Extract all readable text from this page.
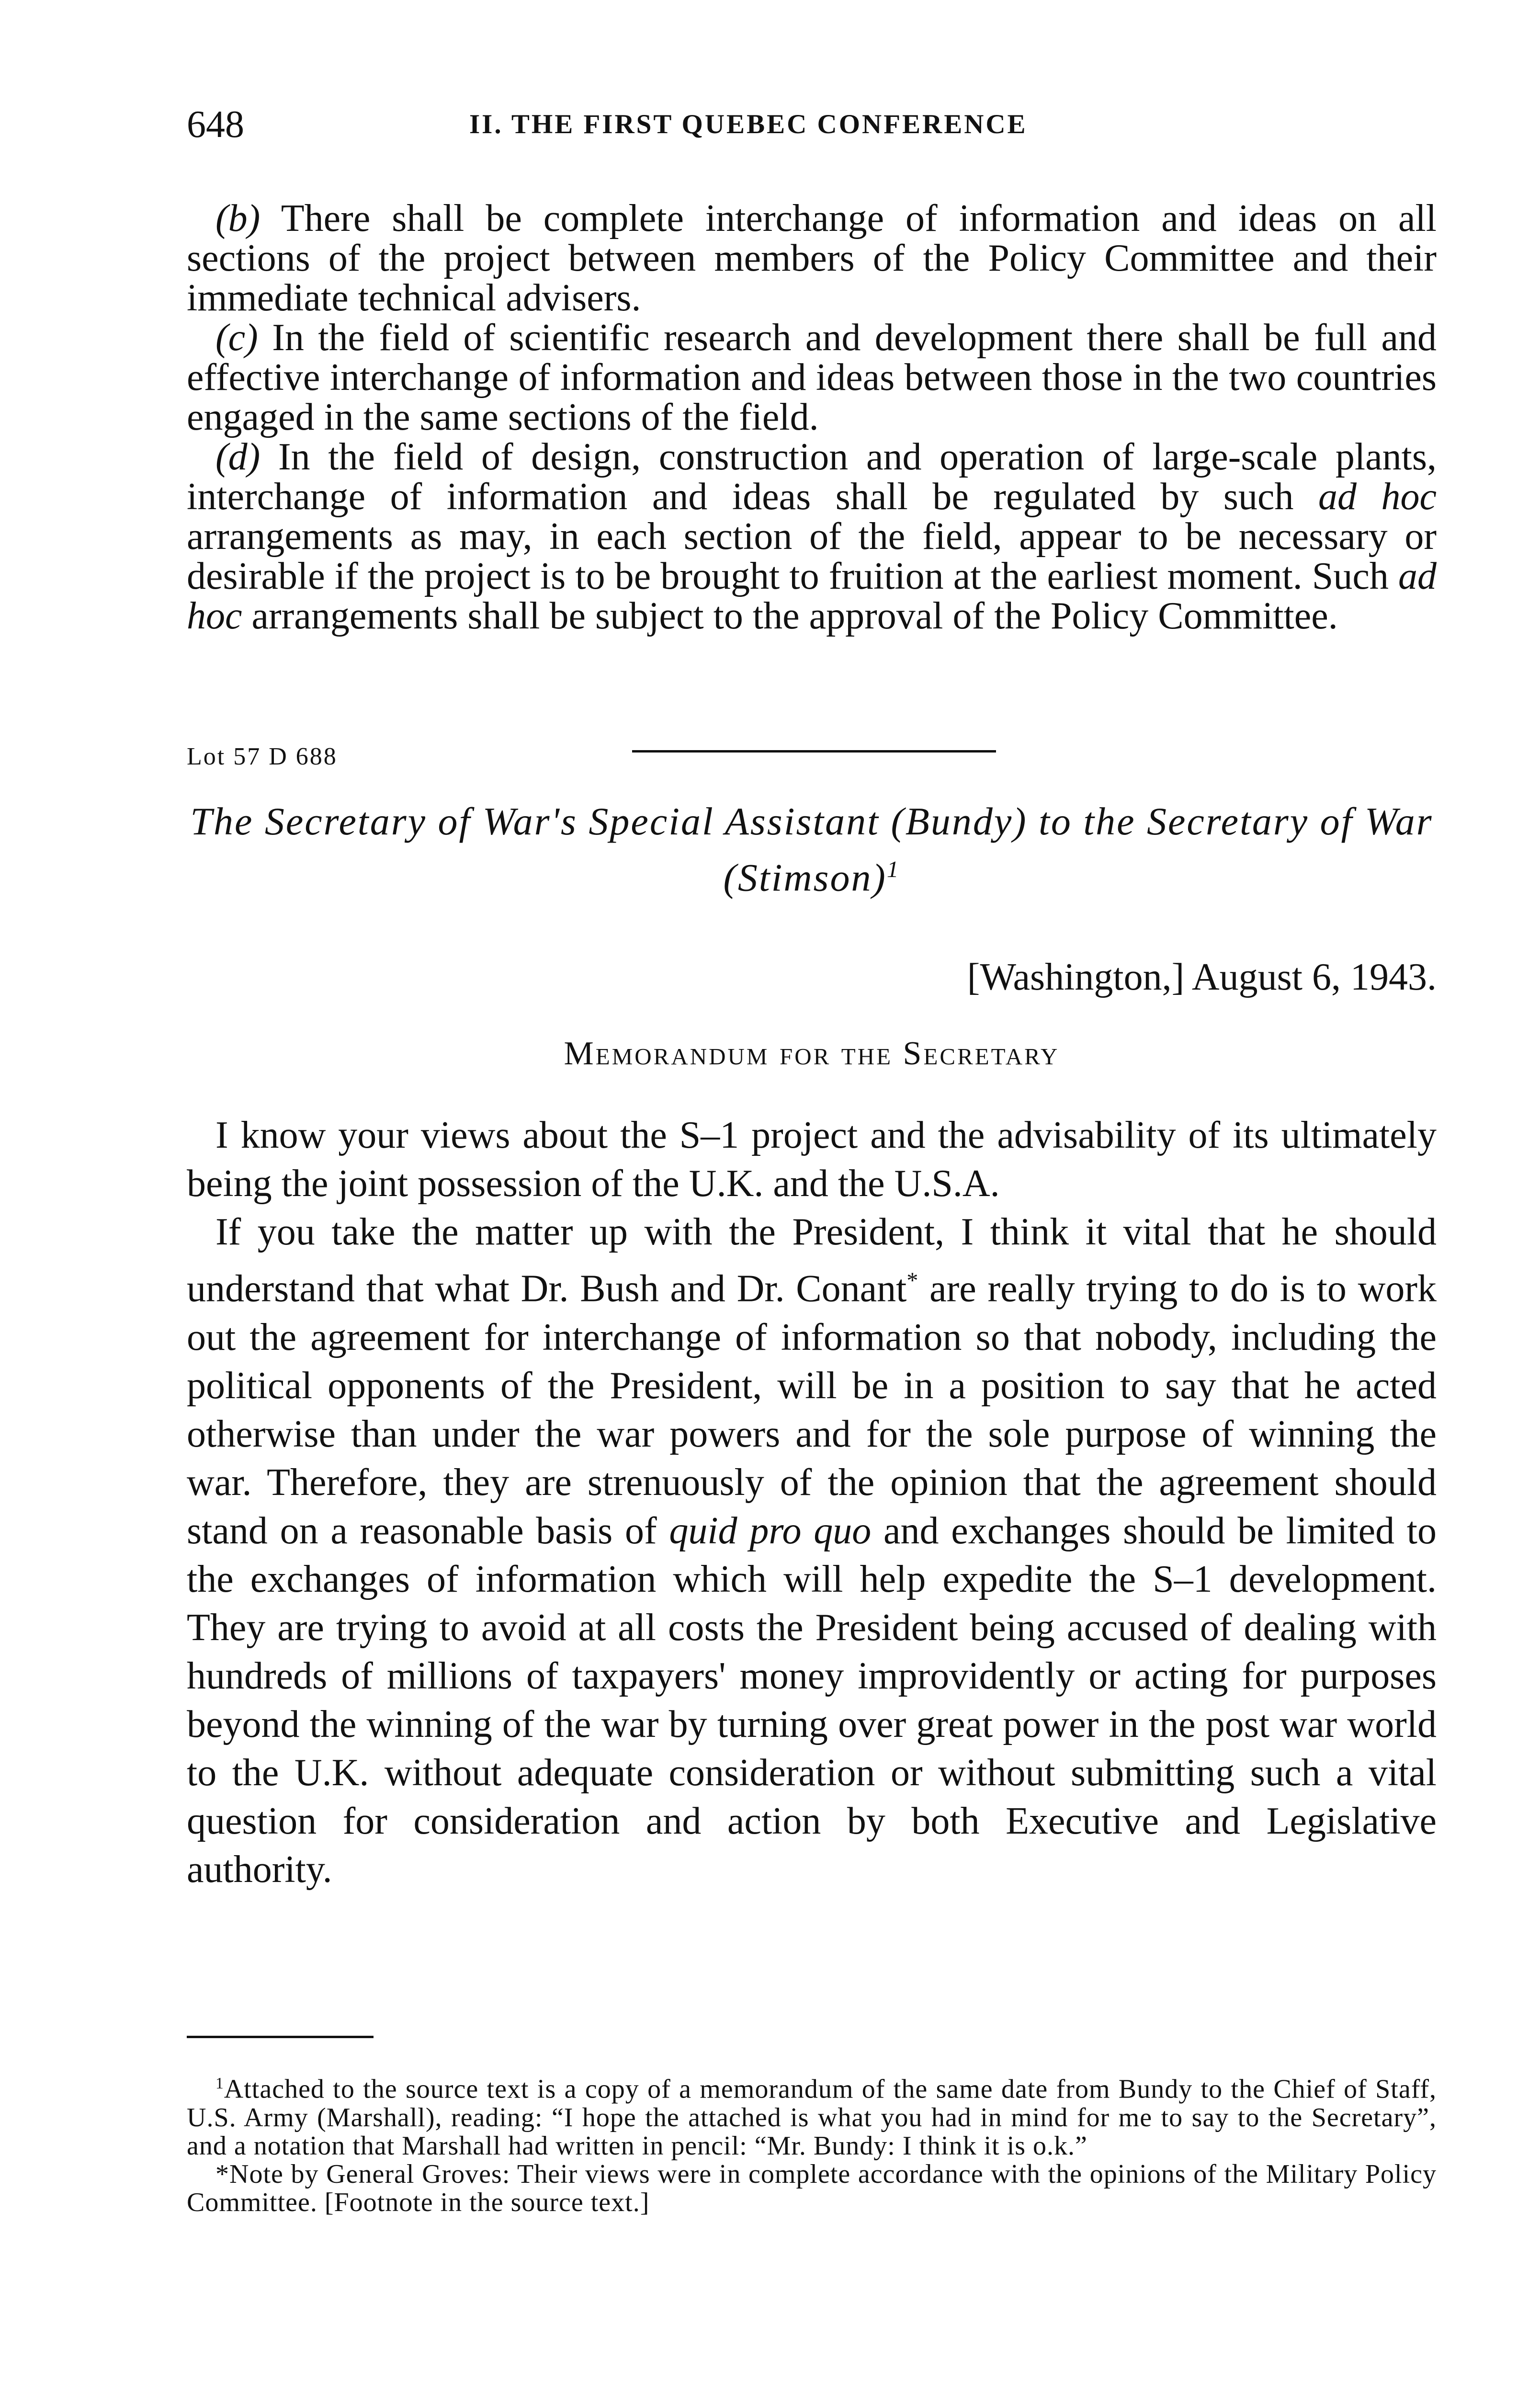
648	II. THE FIRST QUEBEC CONFERENCE

(b) There shall be complete interchange of information and ideas on all sections of the project between members of the Policy Committee and their immediate technical advisers.

(c) In the field of scientific research and development there shall be full and effective interchange of information and ideas between those in the two countries engaged in the same sections of the field.

(d) In the field of design, construction and operation of large-scale plants, interchange of information and ideas shall be regulated by such ad hoc arrangements as may, in each section of the field, appear to be necessary or desirable if the project is to be brought to fruition at the earliest moment. Such ad hoc arrangements shall be subject to the approval of the Policy Committee.

Lot 57 D 688
The Secretary of War's Special Assistant (Bundy) to the Secretary of War (Stimson)$^1$
[Washington,] August 6, 1943.
Memorandum for the Secretary

I know your views about the S–1 project and the advisability of its ultimately being the joint possession of the U.K. and the U.S.A.

If you take the matter up with the President, I think it vital that he should understand that what Dr. Bush and Dr. Conant* are really trying to do is to work out the agreement for interchange of information so that nobody, including the political opponents of the President, will be in a position to say that he acted otherwise than under the war powers and for the sole purpose of winning the war. Therefore, they are strenuously of the opinion that the agreement should stand on a reasonable basis of quid pro quo and exchanges should be limited to the exchanges of information which will help expedite the S–1 development. They are trying to avoid at all costs the President being accused of dealing with hundreds of millions of taxpayers' money improvidently or acting for purposes beyond the winning of the war by turning over great power in the post war world to the U.K. without adequate consideration or without submitting such a vital question for consideration and action by both Executive and Legislative authority.

$^1$Attached to the source text is a copy of a memorandum of the same date from Bundy to the Chief of Staff, U.S. Army (Marshall), reading: “I hope the attached is what you had in mind for me to say to the Secretary”, and a notation that Marshall had written in pencil: “Mr. Bundy: I think it is o.k.”

*Note by General Groves: Their views were in complete accordance with the opinions of the Military Policy Committee. [Footnote in the source text.]
